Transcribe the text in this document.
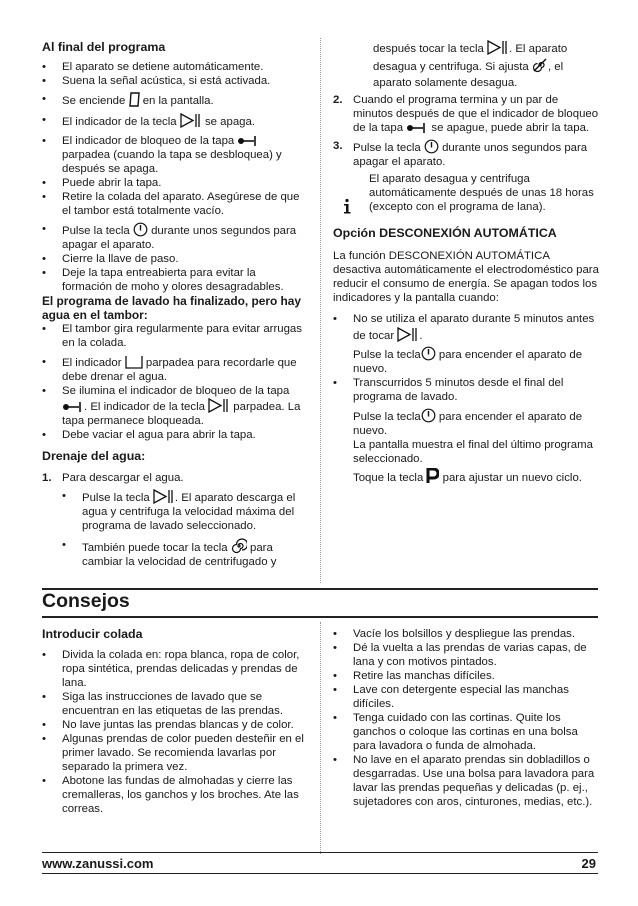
Al final del programa

•	El aparato se detiene automáticamente.

•	Suena la señal acústica, si está activada.

•	Se enciende en la pantalla.

•	El indicador de la tecla se apaga.

•	El indicador de bloqueo de la tapa  parpadea (cuando la tapa se desbloquea) y después se apaga.

•	Puede abrir la tapa.

•	Retire la colada del aparato. Asegúrese de que el tambor está totalmente vacío.

•	Pulse la tecla durante unos segundos para apagar el aparato.

•	Cierre la llave de paso.

•	Deje la tapa entreabierta para evitar la formación de moho y olores desagradables.

El programa de lavado ha finalizado, pero hay agua en el tambor:

•	El tambor gira regularmente para evitar arrugas en la colada.

•	El indicador parpadea para recordarle que debe drenar el agua.

•	Se ilumina el indicador de bloqueo de la tapa . El indicador de la tecla parpadea. La tapa permanece bloqueada.

•	Debe vaciar el agua para abrir la tapa.

Drenaje del agua:

1. Para descargar el agua.

•	Pulse la tecla . El aparato descarga el agua y centrifuga la velocidad máxima del programa de lavado seleccionado.

•	También puede tocar la tecla para cambiar la velocidad de centrifugado y

después tocar la tecla . El aparato desagua y centrifuga. Si ajusta , el aparato solamente desagua.

2. Cuando el programa termina y un par de minutos después de que el indicador de bloqueo de la tapa se apague, puede abrir la tapa.

3. Pulse la tecla durante unos segundos para apagar el aparato.

El aparato desagua y centrifuga automáticamente después de unas 18 horas (excepto con el programa de lana).

Opción DESCONEXIÓN AUTOMÁTICA

La función DESCONEXIÓN AUTOMÁTICA desactiva automáticamente el electrodoméstico para reducir el consumo de energía. Se apagan todos los indicadores y la pantalla cuando:

•	No se utiliza el aparato durante 5 minutos antes de tocar .

Pulse la tecla para encender el aparato de nuevo.

•	Transcurridos 5 minutos desde el final del programa de lavado.

Pulse la tecla para encender el aparato de nuevo.

La pantalla muestra el final del último programa seleccionado.

Toque la tecla para ajustar un nuevo ciclo.

Consejos

Introducir colada

•	Divida la colada en: ropa blanca, ropa de color, ropa sintética, prendas delicadas y prendas de lana.

•	Siga las instrucciones de lavado que se encuentran en las etiquetas de las prendas.

•	No lave juntas las prendas blancas y de color.

•	Algunas prendas de color pueden desteñir en el primer lavado. Se recomienda lavarlas por separado la primera vez.

•	Abotone las fundas de almohadas y cierre las cremalleras, los ganchos y los broches. Ate las correas.

•	Vacíe los bolsillos y despliegue las prendas.

•	Dé la vuelta a las prendas de varias capas, de lana y con motivos pintados.

•	Retire las manchas difíciles.

•	Lave con detergente especial las manchas difíciles.

•	Tenga cuidado con las cortinas. Quite los ganchos o coloque las cortinas en una bolsa para lavadora o funda de almohada.

•	No lave en el aparato prendas sin dobladillos o desgarradas. Use una bolsa para lavadora para lavar las prendas pequeñas y delicadas (p. ej., sujetadores con aros, cinturones, medias, etc.).

www.zanussi.com	29
